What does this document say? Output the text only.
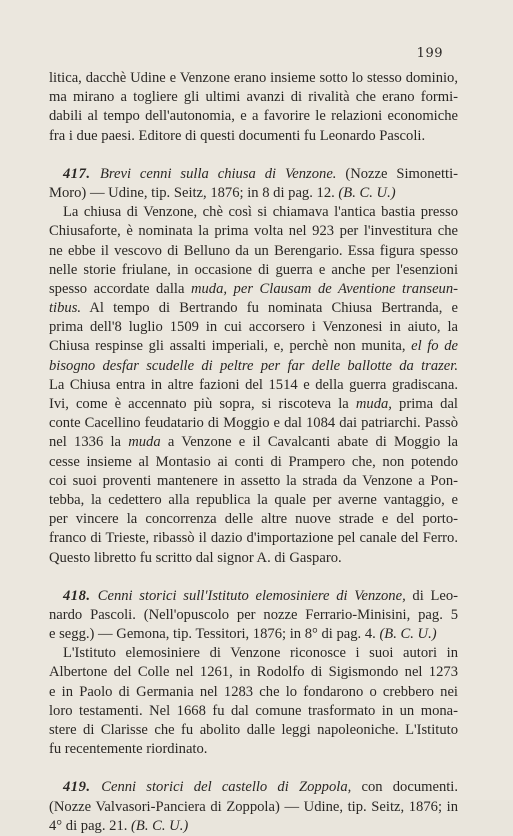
199
litica, dacchè Udine e Venzone erano insieme sotto lo stesso dominio,
ma mirano a togliere gli ultimi avanzi di rivalità che erano formi-
dabili al tempo dell'autonomia, e a favorire le relazioni economiche
fra i due paesi. Editore di questi documenti fu Leonardo Pascoli.
417. Brevi cenni sulla chiusa di Venzone. (Nozze Simonetti-
Moro) — Udine, tip. Seitz, 1876; in 8 di pag. 12. (B. C. U.)
La chiusa di Venzone, chè così si chiamava l'antica bastia presso
Chiusaforte, è nominata la prima volta nel 923 per l'investitura che
ne ebbe il vescovo di Belluno da un Berengario. Essa figura spesso
nelle storie friulane, in occasione di guerra e anche per l'esenzioni
spesso accordate dalla muda, per Clausam de Aventione transeun-
tibus. Al tempo di Bertrando fu nominata Chiusa Bertranda, e
prima dell'8 luglio 1509 in cui accorsero i Venzonesi in aiuto, la
Chiusa respinse gli assalti imperiali, e, perchè non munita, el fo de
bisogno desfar scudelle di peltre per far delle ballotte da trazer.
La Chiusa entra in altre fazioni del 1514 e della guerra gradiscana.
Ivi, come è accennato più sopra, si riscoteva la muda, prima dal
conte Cacellino feudatario di Moggio e dal 1084 dai patriarchi. Passò
nel 1336 la muda a Venzone e il Cavalcanti abate di Moggio la
cesse insieme al Montasio ai conti di Prampero che, non potendo
coi suoi proventi mantenere in assetto la strada da Venzone a Pon-
tebba, la cedettero alla republica la quale per averne vantaggio, e
per vincere la concorrenza delle altre nuove strade e del porto-
franco di Trieste, ribassò il dazio d'importazione pel canale del Ferro.
Questo libretto fu scritto dal signor A. di Gasparo.
418. Cenni storici sull'Istituto elemosiniere di Venzone, di Leo-
nardo Pascoli. (Nell'opuscolo per nozze Ferrario-Minisini, pag. 5
e segg.) — Gemona, tip. Tessitori, 1876; in 8° di pag. 4. (B. C. U.)
L'Istituto elemosiniere di Venzone riconosce i suoi autori in
Albertone del Colle nel 1261, in Rodolfo di Sigismondo nel 1273
e in Paolo di Germania nel 1283 che lo fondarono o crebbero nei
loro testamenti. Nel 1668 fu dal comune trasformato in un mona-
stere di Clarisse che fu abolito dalle leggi napoleoniche. L'Istituto
fu recentemente riordinato.
419. Cenni storici del castello di Zoppola, con documenti.
(Nozze Valvasori-Panciera di Zoppola) — Udine, tip. Seitz, 1876; in
4° di pag. 21. (B. C. U.)
